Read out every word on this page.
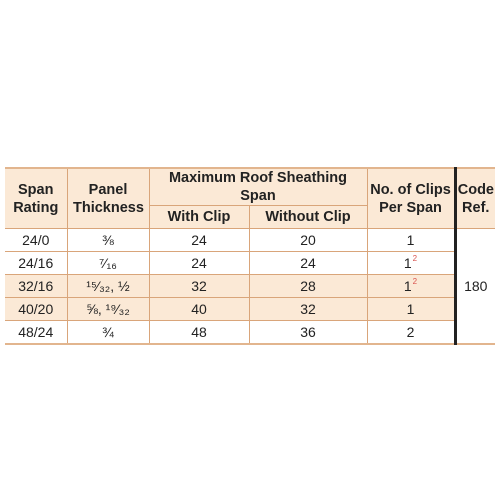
Span Rating	Panel Thickness	Maximum Roof Sheathing Span		No. of Clips Per Span	Code Ref.
		With Clip	Without Clip		
24/0	⅜	24	20	1	180
24/16	⁷⁄₁₆	24	24	1$^2$
32/16	¹⁵⁄₃₂, ½	32	28	1$^2$
40/20	⅝, ¹⁹⁄₃₂	40	32	1	
48/24	¾	48	36	2	
